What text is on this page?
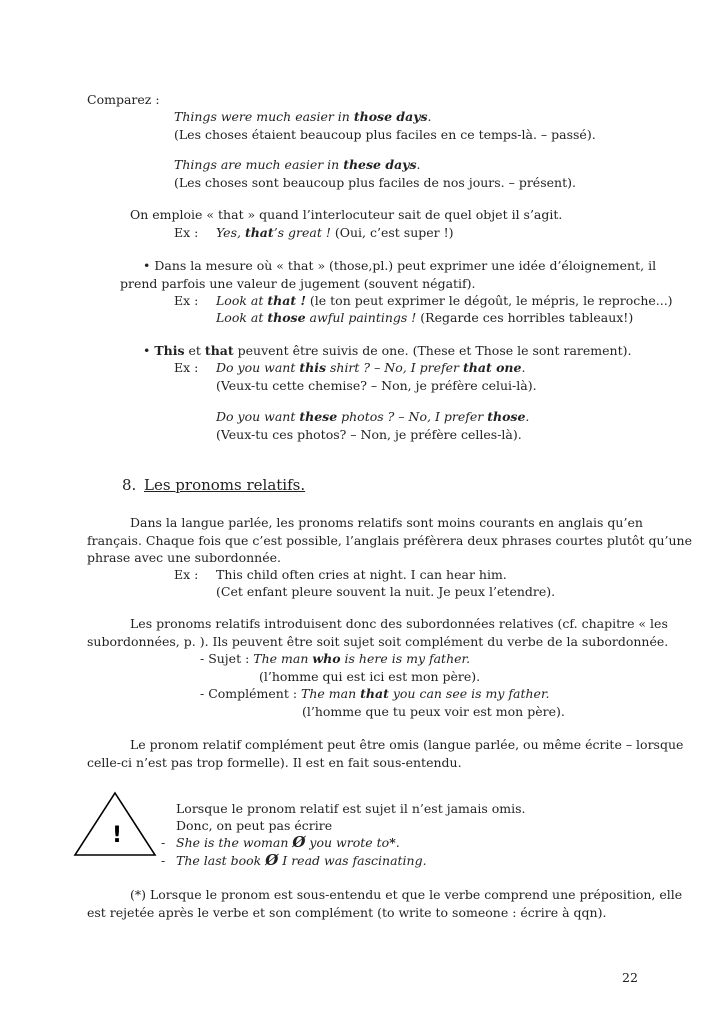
Comparez :
Things were much easier in those days.
(Les choses étaient beaucoup plus faciles en ce temps-là. – passé).
Things are much easier in these days.
(Les choses sont beaucoup plus faciles de nos jours. – présent).
On emploie « that » quand l’interlocuteur sait de quel objet il s’agit.
Ex : Yes, that’s great ! (Oui, c’est super !)
• Dans la mesure où « that » (those,pl.) peut exprimer une idée d’éloignement, il
prend parfois une valeur de jugement (souvent négatif).
Ex : Look at that ! (le ton peut exprimer le dégoût, le mépris, le reproche...)
Look at those awful paintings ! (Regarde ces horribles tableaux!)
• This et that peuvent être suivis de one. (These et Those le sont rarement).
Ex : Do you want this shirt ? – No, I prefer that one.
(Veux-tu cette chemise? – Non, je préfère celui-là).
Do you want these photos ? – No, I prefer those.
(Veux-tu ces photos? – Non, je préfère celles-là).
8. Les pronoms relatifs.
Dans la langue parlée, les pronoms relatifs sont moins courants en anglais qu’en
français. Chaque fois que c’est possible, l’anglais préfèrera deux phrases courtes plutôt qu’une
phrase avec une subordonnée.
Ex : This child often cries at night. I can hear him.
(Cet enfant pleure souvent la nuit. Je peux l’etendre).
Les pronoms relatifs introduisent donc des subordonnées relatives (cf. chapitre « les
subordonnées, p. ). Ils peuvent être soit sujet soit complément du verbe de la subordonnée.
- Sujet : The man who is here is my father.
(l’homme qui est ici est mon père).
- Complément : The man that you can see is my father.
(l’homme que tu peux voir est mon père).
Le pronom relatif complément peut être omis (langue parlée, ou même écrite – lorsque
celle-ci n’est pas trop formelle). Il est en fait sous-entendu.
!
Lorsque le pronom relatif est sujet il n’est jamais omis.
Donc, on peut pas écrire
- She is the woman Ø you wrote to*.
- The last book Ø I read was fascinating.
(*) Lorsque le pronom est sous-entendu et que le verbe comprend une préposition, elle
est rejetée après le verbe et son complément (to write to someone : écrire à qqn).
22
